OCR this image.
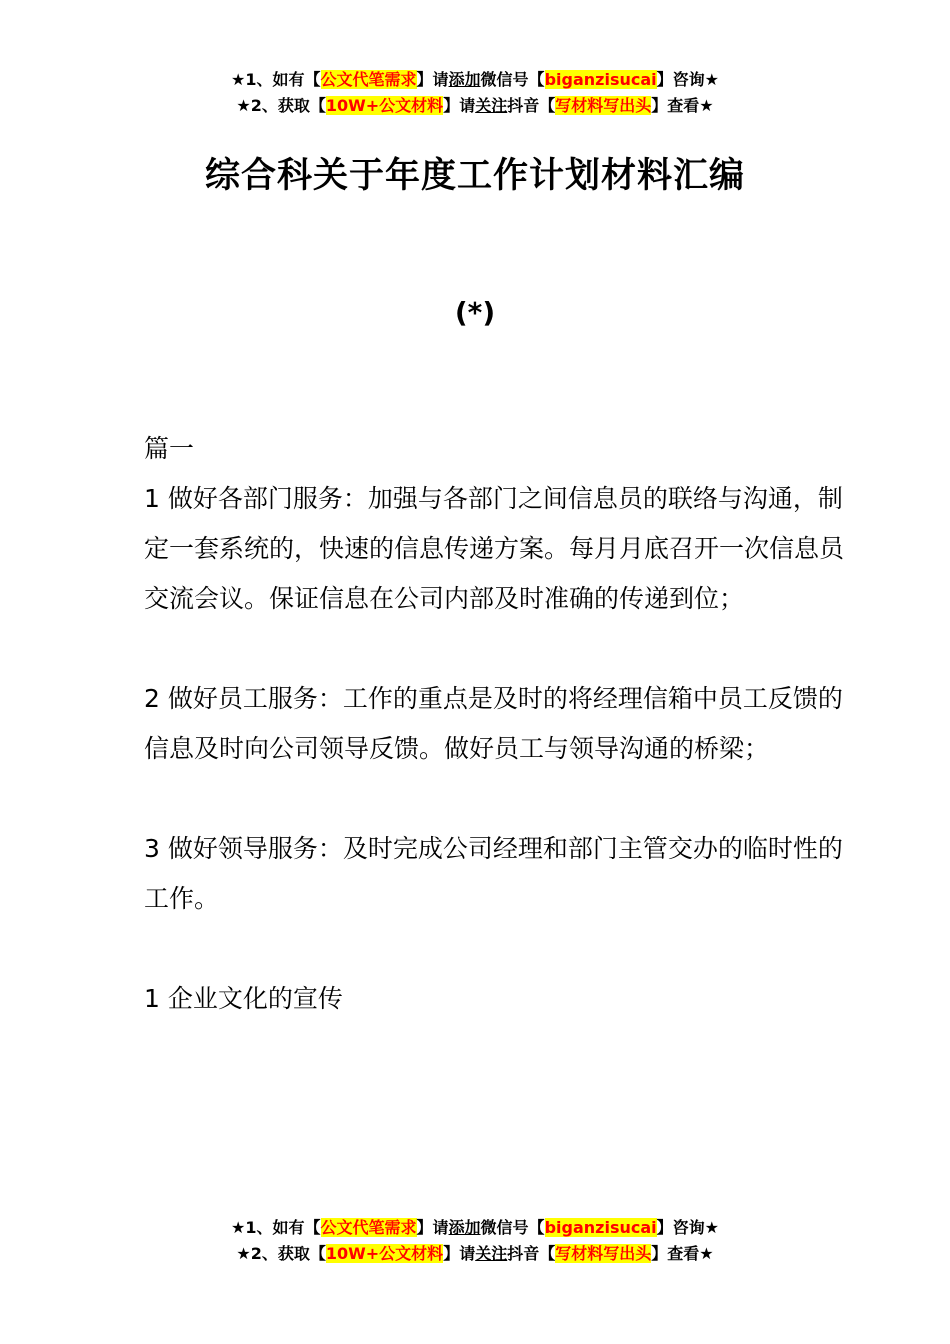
★1、如有【公文代笔需求】请添加微信号【biganzisucai】咨询★
★2、获取【10W+公文材料】请关注抖音【写材料写出头】查看★
综合科关于年度工作计划材料汇编
(*)

篇一

1 做好各部门服务：加强与各部门之间信息员的联络与沟通，制定一套系统的，快速的信息传递方案。每月月底召开一次信息员交流会议。保证信息在公司内部及时准确的传递到位；

2 做好员工服务：工作的重点是及时的将经理信箱中员工反馈的信息及时向公司领导反馈。做好员工与领导沟通的桥梁；

3 做好领导服务：及时完成公司经理和部门主管交办的临时性的工作。

1 企业文化的宣传

★1、如有【公文代笔需求】请添加微信号【biganzisucai】咨询★
★2、获取【10W+公文材料】请关注抖音【写材料写出头】查看★
